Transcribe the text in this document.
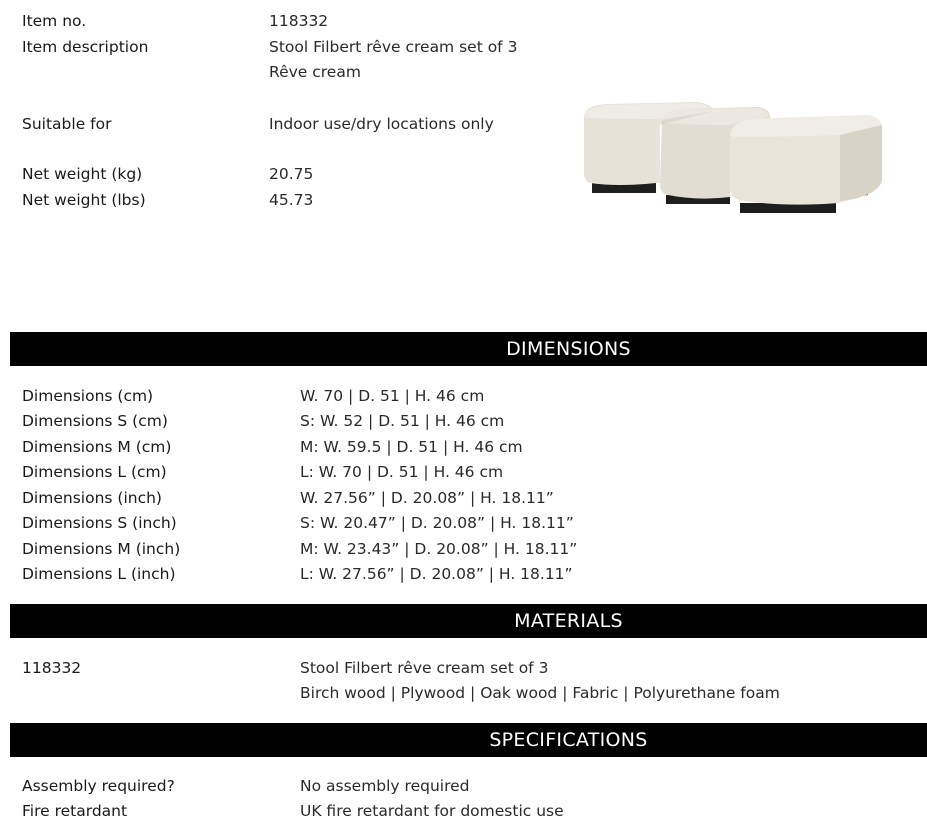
Item no.	118332
Item description	Stool Filbert rêve cream set of 3
Rêve cream
Suitable for	Indoor use/dry locations only
Net weight (kg)	20.75
Net weight (lbs)	45.73
DIMENSIONS
Dimensions (cm)	W. 70 | D. 51 | H. 46 cm
Dimensions S (cm)	S: W. 52 | D. 51 | H. 46 cm
Dimensions M (cm)	M: W. 59.5 | D. 51 | H. 46 cm
Dimensions L (cm)	L: W. 70 | D. 51 | H. 46 cm
Dimensions (inch)	W. 27.56” | D. 20.08” | H. 18.11”
Dimensions S (inch)	S: W. 20.47” | D. 20.08” | H. 18.11”
Dimensions M (inch)	M: W. 23.43” | D. 20.08” | H. 18.11”
Dimensions L (inch)	L: W. 27.56” | D. 20.08” | H. 18.11”
MATERIALS
118332	Stool Filbert rêve cream set of 3
Birch wood | Plywood | Oak wood | Fabric | Polyurethane foam
SPECIFICATIONS
Assembly required?	No assembly required
Fire retardant	UK fire retardant for domestic use
